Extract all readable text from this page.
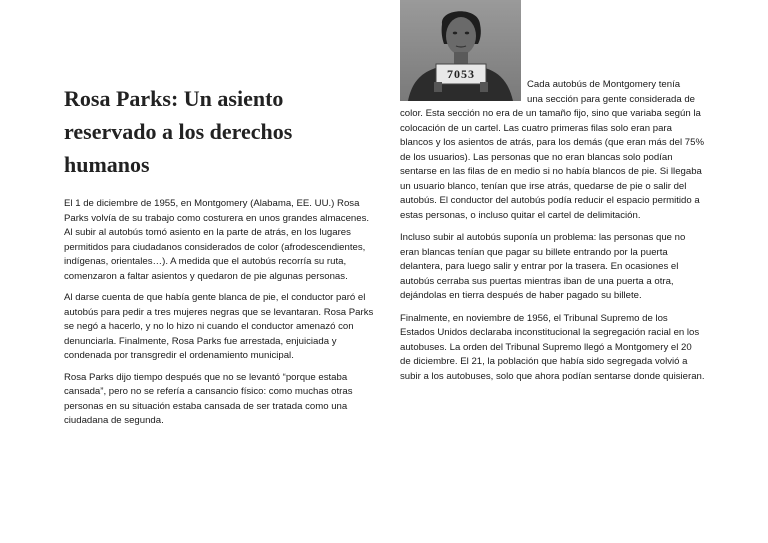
Rosa Parks: Un asiento reservado a los derechos humanos

El 1 de diciembre de 1955, en Montgomery (Alabama, EE. UU.) Rosa Parks volvía de su trabajo como costurera en unos grandes almacenes. Al subir al autobús tomó asiento en la parte de atrás, en los lugares permitidos para ciudadanos considerados de color (afrodescendientes, indígenas, orientales…). A medida que el autobús recorría su ruta, comenzaron a faltar asientos y quedaron de pie algunas personas.

Al darse cuenta de que había gente blanca de pie, el conductor paró el autobús para pedir a tres mujeres negras que se levantaran. Rosa Parks se negó a hacerlo, y no lo hizo ni cuando el conductor amenazó con denunciarla. Finalmente, Rosa Parks fue arrestada, enjuiciada y condenada por transgredir el ordenamiento municipal.

Rosa Parks dijo tiempo después que no se levantó “porque estaba cansada”, pero no se refería a cansancio físico: como muchas otras personas en su situación estaba cansada de ser tratada como una ciudadana de segunda.

7053
Cada autobús de Montgomery tenía
una sección para gente considerada de

color. Esta sección no era de un tamaño fijo, sino que variaba según la colocación de un cartel. Las cuatro primeras filas solo eran para blancos y los asientos de atrás, para los demás (que eran más del 75% de los usuarios). Las personas que no eran blancas solo podían sentarse en las filas de en medio si no había blancos de pie. Si llegaba un usuario blanco, tenían que irse atrás, quedarse de pie o salir del autobús. El conductor del autobús podía reducir el espacio permitido a estas personas, o incluso quitar el cartel de delimitación.

Incluso subir al autobús suponía un problema: las personas que no eran blancas tenían que pagar su billete entrando por la puerta delantera, para luego salir y entrar por la trasera. En ocasiones el autobús cerraba sus puertas mientras iban de una puerta a otra, dejándolas en tierra después de haber pagado su billete.

Finalmente, en noviembre de 1956, el Tribunal Supremo de los Estados Unidos declaraba inconstitucional la segregación racial en los autobuses. La orden del Tribunal Supremo llegó a Montgomery el 20 de diciembre. El 21, la población que había sido segregada volvió a subir a los autobuses, solo que ahora podían sentarse donde quisieran.
